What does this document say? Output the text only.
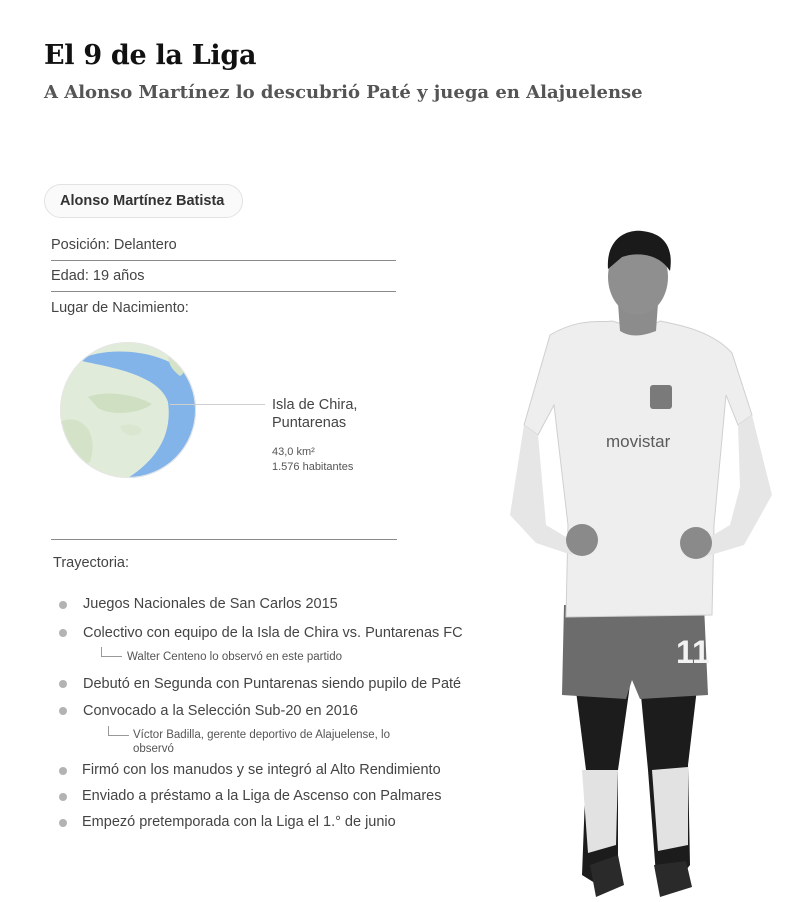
El 9 de la Liga
A Alonso Martínez lo descubrió Paté y juega en Alajuelense
Alonso Martínez Batista
Posición: Delantero
Edad: 19 años
Lugar de Nacimiento:
Isla de Chira,
Puntarenas
43,0 km²
1.576 habitantes
Trayectoria:
Juegos Nacionales de San Carlos 2015
Colectivo con equipo de la Isla de Chira vs. Puntarenas FC
Walter Centeno lo observó en este partido
Debutó en Segunda con Puntarenas siendo pupilo de Paté
Convocado a la Selección Sub-20 en 2016
Víctor Badilla, gerente deportivo de Alajuelense, lo
observó
Firmó con los manudos y se integró al Alto Rendimiento
Enviado a préstamo a la Liga de Ascenso con Palmares
Empezó pretemporada con la Liga el 1.° de junio
movistar
11
